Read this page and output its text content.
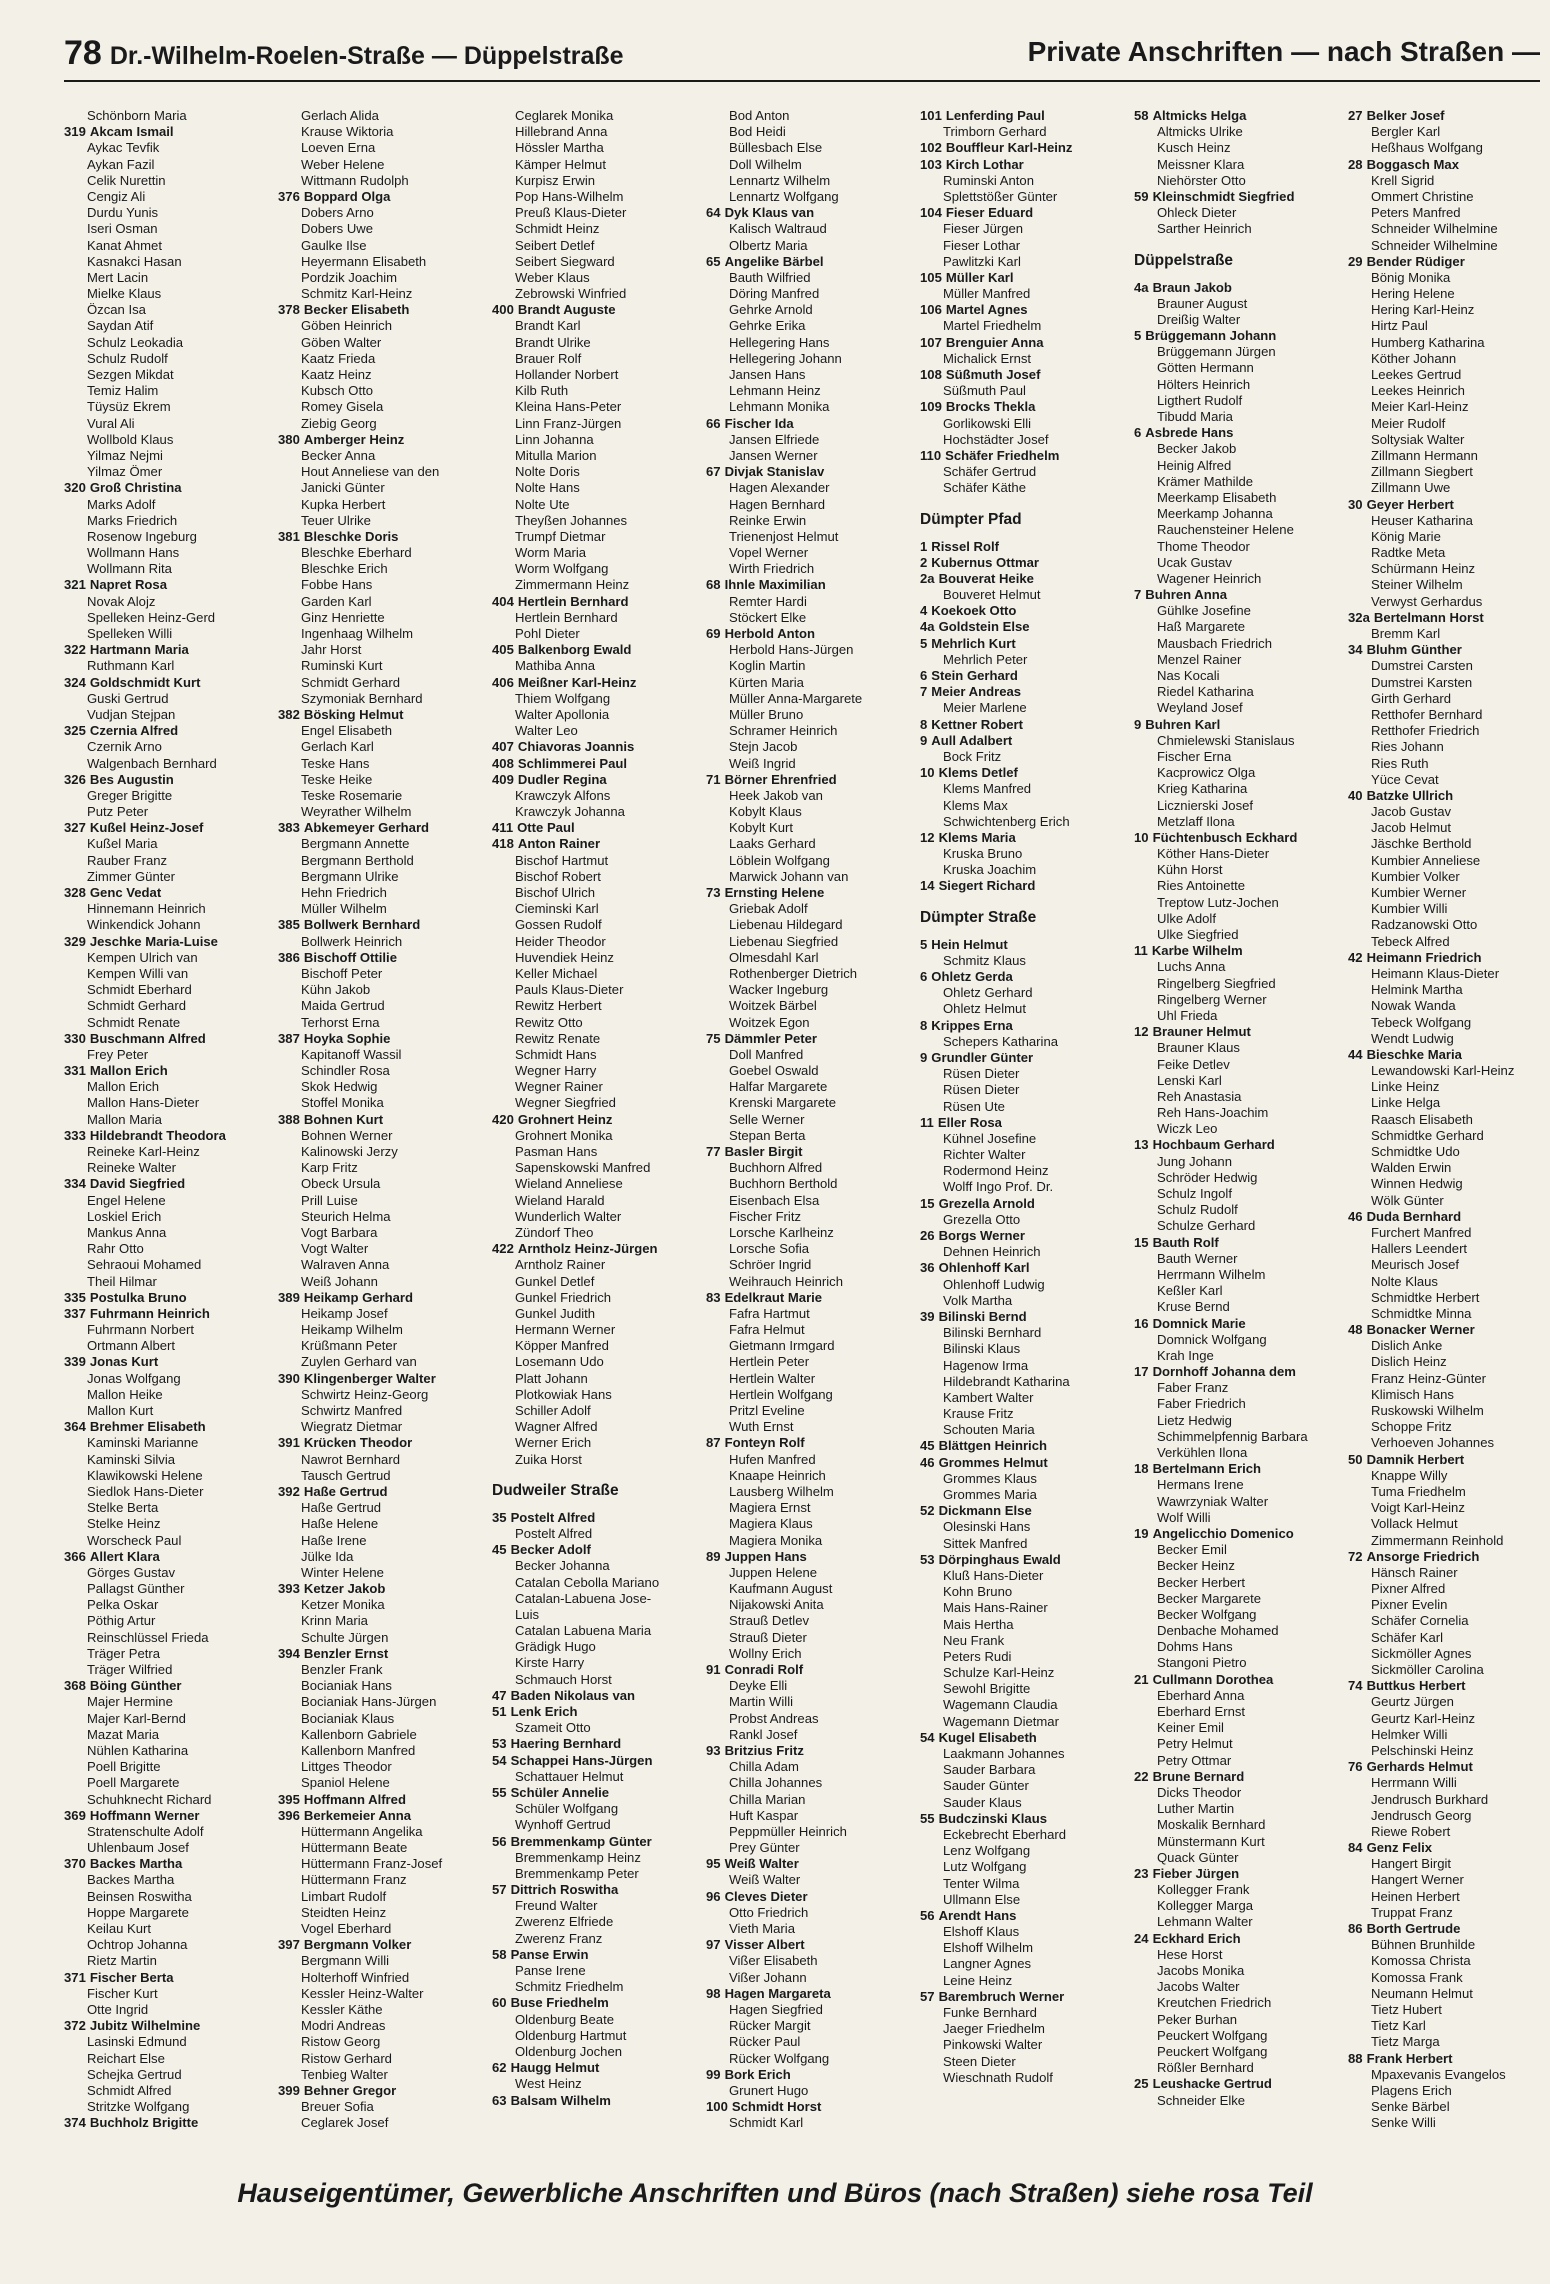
78 Dr.-Wilhelm-Roelen-Straße — Düppelstraße	Private Anschriften — nach Straßen —
Schönborn Maria
319 Akcam Ismail
Aykac Tevfik
Aykan Fazil
Celik Nurettin
Cengiz Ali
Durdu Yunis
Iseri Osman
Kanat Ahmet
Kasnakci Hasan
Mert Lacin
Mielke Klaus
Özcan Isa
Saydan Atif
Schulz Leokadia
Schulz Rudolf
Sezgen Mikdat
Temiz Halim
Tüysüz Ekrem
Vural Ali
Wollbold Klaus
Yilmaz Nejmi
Yilmaz Ömer
320 Groß Christina
Marks Adolf
Marks Friedrich
Rosenow Ingeburg
Wollmann Hans
Wollmann Rita
321 Napret Rosa
Novak Alojz
Spelleken Heinz-Gerd
Spelleken Willi
322 Hartmann Maria
Ruthmann Karl
324 Goldschmidt Kurt
Guski Gertrud
Vudjan Stejpan
325 Czernia Alfred
Czernik Arno
Walgenbach Bernhard
326 Bes Augustin
Greger Brigitte
Putz Peter
327 Kußel Heinz-Josef
Kußel Maria
Rauber Franz
Zimmer Günter
328 Genc Vedat
Hinnemann Heinrich
Winkendick Johann
329 Jeschke Maria-Luise
Kempen Ulrich van
Kempen Willi van
Schmidt Eberhard
Schmidt Gerhard
Schmidt Renate
330 Buschmann Alfred
Frey Peter
331 Mallon Erich
Mallon Erich
Mallon Hans-Dieter
Mallon Maria
333 Hildebrandt Theodora
Reineke Karl-Heinz
Reineke Walter
334 David Siegfried
Engel Helene
Loskiel Erich
Mankus Anna
Rahr Otto
Sehraoui Mohamed
Theil Hilmar
335 Postulka Bruno
337 Fuhrmann Heinrich
Fuhrmann Norbert
Ortmann Albert
339 Jonas Kurt
Jonas Wolfgang
Mallon Heike
Mallon Kurt
364 Brehmer Elisabeth
Kaminski Marianne
Kaminski Silvia
Klawikowski Helene
Siedlok Hans-Dieter
Stelke Berta
Stelke Heinz
Worscheck Paul
366 Allert Klara
Görges Gustav
Pallagst Günther
Pelka Oskar
Pöthig Artur
Reinschlüssel Frieda
Träger Petra
Träger Wilfried
368 Böing Günther
Majer Hermine
Majer Karl-Bernd
Mazat Maria
Nühlen Katharina
Poell Brigitte
Poell Margarete
Schuhknecht Richard
369 Hoffmann Werner
Stratenschulte Adolf
Uhlenbaum Josef
370 Backes Martha
Backes Martha
Beinsen Roswitha
Hoppe Margarete
Keilau Kurt
Ochtrop Johanna
Rietz Martin
371 Fischer Berta
Fischer Kurt
Otte Ingrid
372 Jubitz Wilhelmine
Lasinski Edmund
Reichart Else
Schejka Gertrud
Schmidt Alfred
Stritzke Wolfgang
374 Buchholz Brigitte
Gerlach Alida
Krause Wiktoria
Loeven Erna
Weber Helene
Wittmann Rudolph
376 Boppard Olga
Dobers Arno
Dobers Uwe
Gaulke Ilse
Heyermann Elisabeth
Pordzik Joachim
Schmitz Karl-Heinz
378 Becker Elisabeth
Göben Heinrich
Göben Walter
Kaatz Frieda
Kaatz Heinz
Kubsch Otto
Romey Gisela
Ziebig Georg
380 Amberger Heinz
Becker Anna
Hout Anneliese van den
Janicki Günter
Kupka Herbert
Teuer Ulrike
381 Bleschke Doris
Bleschke Eberhard
Bleschke Erich
Fobbe Hans
Garden Karl
Ginz Henriette
Ingenhaag Wilhelm
Jahr Horst
Ruminski Kurt
Schmidt Gerhard
Szymoniak Bernhard
382 Bösking Helmut
Engel Elisabeth
Gerlach Karl
Teske Hans
Teske Heike
Teske Rosemarie
Weyrather Wilhelm
383 Abkemeyer Gerhard
Bergmann Annette
Bergmann Berthold
Bergmann Ulrike
Hehn Friedrich
Müller Wilhelm
385 Bollwerk Bernhard
Bollwerk Heinrich
386 Bischoff Ottilie
Bischoff Peter
Kühn Jakob
Maida Gertrud
Terhorst Erna
387 Hoyka Sophie
Kapitanoff Wassil
Schindler Rosa
Skok Hedwig
Stoffel Monika
388 Bohnen Kurt
Bohnen Werner
Kalinowski Jerzy
Karp Fritz
Obeck Ursula
Prill Luise
Steurich Helma
Vogt Barbara
Vogt Walter
Walraven Anna
Weiß Johann
389 Heikamp Gerhard
Heikamp Josef
Heikamp Wilhelm
Krüßmann Peter
Zuylen Gerhard van
390 Klingenberger Walter
Schwirtz Heinz-Georg
Schwirtz Manfred
Wiegratz Dietmar
391 Krücken Theodor
Nawrot Bernhard
Tausch Gertrud
392 Haße Gertrud
Haße Gertrud
Haße Helene
Haße Irene
Jülke Ida
Winter Helene
393 Ketzer Jakob
Ketzer Monika
Krinn Maria
Schulte Jürgen
394 Benzler Ernst
Benzler Frank
Bocianiak Hans
Bocianiak Hans-Jürgen
Bocianiak Klaus
Kallenborn Gabriele
Kallenborn Manfred
Littges Theodor
Spaniol Helene
395 Hoffmann Alfred
396 Berkemeier Anna
Hüttermann Angelika
Hüttermann Beate
Hüttermann Franz-Josef
Hüttermann Franz
Limbart Rudolf
Steidten Heinz
Vogel Eberhard
397 Bergmann Volker
Bergmann Willi
Holterhoff Winfried
Kessler Heinz-Walter
Kessler Käthe
Modri Andreas
Ristow Georg
Ristow Gerhard
Tenbieg Walter
399 Behner Gregor
Breuer Sofia
Ceglarek Josef
Ceglarek Monika
Hillebrand Anna
Hössler Martha
Kämper Helmut
Kurpisz Erwin
Pop Hans-Wilhelm
Preuß Klaus-Dieter
Schmidt Heinz
Seibert Detlef
Seibert Siegward
Weber Klaus
Zebrowski Winfried
400 Brandt Auguste
Brandt Karl
Brandt Ulrike
Brauer Rolf
Hollander Norbert
Kilb Ruth
Kleina Hans-Peter
Linn Franz-Jürgen
Linn Johanna
Mitulla Marion
Nolte Doris
Nolte Hans
Nolte Ute
Theyßen Johannes
Trumpf Dietmar
Worm Maria
Worm Wolfgang
Zimmermann Heinz
404 Hertlein Bernhard
Hertlein Bernhard
Pohl Dieter
405 Balkenborg Ewald
Mathiba Anna
406 Meißner Karl-Heinz
Thiem Wolfgang
Walter Apollonia
Walter Leo
407 Chiavoras Joannis
408 Schlimmerei Paul
409 Dudler Regina
Krawczyk Alfons
Krawczyk Johanna
411 Otte Paul
418 Anton Rainer
Bischof Hartmut
Bischof Robert
Bischof Ulrich
Cieminski Karl
Gossen Rudolf
Heider Theodor
Huvendiek Heinz
Keller Michael
Pauls Klaus-Dieter
Rewitz Herbert
Rewitz Otto
Rewitz Renate
Schmidt Hans
Wegner Harry
Wegner Rainer
Wegner Siegfried
420 Grohnert Heinz
Grohnert Monika
Pasman Hans
Sapenskowski Manfred
Wieland Anneliese
Wieland Harald
Wunderlich Walter
Zündorf Theo
422 Arntholz Heinz-Jürgen
Arntholz Rainer
Gunkel Detlef
Gunkel Friedrich
Gunkel Judith
Hermann Werner
Köpper Manfred
Losemann Udo
Platt Johann
Plotkowiak Hans
Schiller Adolf
Wagner Alfred
Werner Erich
Zuika Horst
Dudweiler Straße
35 Postelt Alfred
Postelt Alfred
45 Becker Adolf
Becker Johanna
Catalan Cebolla Mariano
Catalan-Labuena Jose-
Luis
Catalan Labuena Maria
Grädigk Hugo
Kirste Harry
Schmauch Horst
47 Baden Nikolaus van
51 Lenk Erich
Szameit Otto
53 Haering Bernhard
54 Schappei Hans-Jürgen
Schattauer Helmut
55 Schüler Annelie
Schüler Wolfgang
Wynhoff Gertrud
56 Bremmenkamp Günter
Bremmenkamp Heinz
Bremmenkamp Peter
57 Dittrich Roswitha
Freund Walter
Zwerenz Elfriede
Zwerenz Franz
58 Panse Erwin
Panse Irene
Schmitz Friedhelm
60 Buse Friedhelm
Oldenburg Beate
Oldenburg Hartmut
Oldenburg Jochen
62 Haugg Helmut
West Heinz
63 Balsam Wilhelm
Bod Anton
Bod Heidi
Büllesbach Else
Doll Wilhelm
Lennartz Wilhelm
Lennartz Wolfgang
64 Dyk Klaus van
Kalisch Waltraud
Olbertz Maria
65 Angelike Bärbel
Bauth Wilfried
Döring Manfred
Gehrke Arnold
Gehrke Erika
Hellegering Hans
Hellegering Johann
Jansen Hans
Lehmann Heinz
Lehmann Monika
66 Fischer Ida
Jansen Elfriede
Jansen Werner
67 Divjak Stanislav
Hagen Alexander
Hagen Bernhard
Reinke Erwin
Trienenjost Helmut
Vopel Werner
Wirth Friedrich
68 Ihnle Maximilian
Remter Hardi
Stöckert Elke
69 Herbold Anton
Herbold Hans-Jürgen
Koglin Martin
Kürten Maria
Müller Anna-Margarete
Müller Bruno
Schramer Heinrich
Stejn Jacob
Weiß Ingrid
71 Börner Ehrenfried
Heek Jakob van
Kobylt Klaus
Kobylt Kurt
Laaks Gerhard
Löblein Wolfgang
Marwick Johann van
73 Ernsting Helene
Griebak Adolf
Liebenau Hildegard
Liebenau Siegfried
Olmesdahl Karl
Rothenberger Dietrich
Wacker Ingeburg
Woitzek Bärbel
Woitzek Egon
75 Dämmler Peter
Doll Manfred
Goebel Oswald
Halfar Margarete
Krenski Margarete
Selle Werner
Stepan Berta
77 Basler Birgit
Buchhorn Alfred
Buchhorn Berthold
Eisenbach Elsa
Fischer Fritz
Lorsche Karlheinz
Lorsche Sofia
Schröer Ingrid
Weihrauch Heinrich
83 Edelkraut Marie
Fafra Hartmut
Fafra Helmut
Gietmann Irmgard
Hertlein Peter
Hertlein Walter
Hertlein Wolfgang
Pritzl Eveline
Wuth Ernst
87 Fonteyn Rolf
Hufen Manfred
Knaape Heinrich
Lausberg Wilhelm
Magiera Ernst
Magiera Klaus
Magiera Monika
89 Juppen Hans
Juppen Helene
Kaufmann August
Nijakowski Anita
Strauß Detlev
Strauß Dieter
Wollny Erich
91 Conradi Rolf
Deyke Elli
Martin Willi
Probst Andreas
Rankl Josef
93 Britzius Fritz
Chilla Adam
Chilla Johannes
Chilla Marian
Huft Kaspar
Peppmüller Heinrich
Prey Günter
95 Weiß Walter
Weiß Walter
96 Cleves Dieter
Otto Friedrich
Vieth Maria
97 Visser Albert
Vißer Elisabeth
Vißer Johann
98 Hagen Margareta
Hagen Siegfried
Rücker Margit
Rücker Paul
Rücker Wolfgang
99 Bork Erich
Grunert Hugo
100 Schmidt Horst
Schmidt Karl
101 Lenferding Paul
Trimborn Gerhard
102 Bouffleur Karl-Heinz
103 Kirch Lothar
Ruminski Anton
Splettstößer Günter
104 Fieser Eduard
Fieser Jürgen
Fieser Lothar
Pawlitzki Karl
105 Müller Karl
Müller Manfred
106 Martel Agnes
Martel Friedhelm
107 Brenguier Anna
Michalick Ernst
108 Süßmuth Josef
Süßmuth Paul
109 Brocks Thekla
Gorlikowski Elli
Hochstädter Josef
110 Schäfer Friedhelm
Schäfer Gertrud
Schäfer Käthe
Dümpter Pfad
1 Rissel Rolf
2 Kubernus Ottmar
2a Bouverat Heike
Bouveret Helmut
4 Koekoek Otto
4a Goldstein Else
5 Mehrlich Kurt
Mehrlich Peter
6 Stein Gerhard
7 Meier Andreas
Meier Marlene
8 Kettner Robert
9 Aull Adalbert
Bock Fritz
10 Klems Detlef
Klems Manfred
Klems Max
Schwichtenberg Erich
12 Klems Maria
Kruska Bruno
Kruska Joachim
14 Siegert Richard
Dümpter Straße
5 Hein Helmut
Schmitz Klaus
6 Ohletz Gerda
Ohletz Gerhard
Ohletz Helmut
8 Krippes Erna
Schepers Katharina
9 Grundler Günter
Rüsen Dieter
Rüsen Dieter
Rüsen Ute
11 Eller Rosa
Kühnel Josefine
Richter Walter
Rodermond Heinz
Wolff Ingo Prof. Dr.
15 Grezella Arnold
Grezella Otto
26 Borgs Werner
Dehnen Heinrich
36 Ohlenhoff Karl
Ohlenhoff Ludwig
Volk Martha
39 Bilinski Bernd
Bilinski Bernhard
Bilinski Klaus
Hagenow Irma
Hildebrandt Katharina
Kambert Walter
Krause Fritz
Schouten Maria
45 Blättgen Heinrich
46 Grommes Helmut
Grommes Klaus
Grommes Maria
52 Dickmann Else
Olesinski Hans
Sittek Manfred
53 Dörpinghaus Ewald
Kluß Hans-Dieter
Kohn Bruno
Mais Hans-Rainer
Mais Hertha
Neu Frank
Peters Rudi
Schulze Karl-Heinz
Sewohl Brigitte
Wagemann Claudia
Wagemann Dietmar
54 Kugel Elisabeth
Laakmann Johannes
Sauder Barbara
Sauder Günter
Sauder Klaus
55 Budczinski Klaus
Eckebrecht Eberhard
Lenz Wolfgang
Lutz Wolfgang
Tenter Wilma
Ullmann Else
56 Arendt Hans
Elshoff Klaus
Elshoff Wilhelm
Langner Agnes
Leine Heinz
57 Barembruch Werner
Funke Bernhard
Jaeger Friedhelm
Pinkowski Walter
Steen Dieter
Wieschnath Rudolf
58 Altmicks Helga
Altmicks Ulrike
Kusch Heinz
Meissner Klara
Niehörster Otto
59 Kleinschmidt Siegfried
Ohleck Dieter
Sarther Heinrich
Düppelstraße
4a Braun Jakob
Brauner August
Dreißig Walter
5 Brüggemann Johann
Brüggemann Jürgen
Götten Hermann
Hölters Heinrich
Ligthert Rudolf
Tibudd Maria
6 Asbrede Hans
Becker Jakob
Heinig Alfred
Krämer Mathilde
Meerkamp Elisabeth
Meerkamp Johanna
Rauchensteiner Helene
Thome Theodor
Ucak Gustav
Wagener Heinrich
7 Buhren Anna
Gühlke Josefine
Haß Margarete
Mausbach Friedrich
Menzel Rainer
Nas Kocali
Riedel Katharina
Weyland Josef
9 Buhren Karl
Chmielewski Stanislaus
Fischer Erna
Kacprowicz Olga
Krieg Katharina
Licznierski Josef
Metzlaff Ilona
10 Füchtenbusch Eckhard
Köther Hans-Dieter
Kühn Horst
Ries Antoinette
Treptow Lutz-Jochen
Ulke Adolf
Ulke Siegfried
11 Karbe Wilhelm
Luchs Anna
Ringelberg Siegfried
Ringelberg Werner
Uhl Frieda
12 Brauner Helmut
Brauner Klaus
Feike Detlev
Lenski Karl
Reh Anastasia
Reh Hans-Joachim
Wiczk Leo
13 Hochbaum Gerhard
Jung Johann
Schröder Hedwig
Schulz Ingolf
Schulz Rudolf
Schulze Gerhard
15 Bauth Rolf
Bauth Werner
Herrmann Wilhelm
Keßler Karl
Kruse Bernd
16 Domnick Marie
Domnick Wolfgang
Krah Inge
17 Dornhoff Johanna dem
Faber Franz
Faber Friedrich
Lietz Hedwig
Schimmelpfennig Barbara
Verkühlen Ilona
18 Bertelmann Erich
Hermans Irene
Wawrzyniak Walter
Wolf Willi
19 Angelicchio Domenico
Becker Emil
Becker Heinz
Becker Herbert
Becker Margarete
Becker Wolfgang
Denbache Mohamed
Dohms Hans
Stangoni Pietro
21 Cullmann Dorothea
Eberhard Anna
Eberhard Ernst
Keiner Emil
Petry Helmut
Petry Ottmar
22 Brune Bernard
Dicks Theodor
Luther Martin
Moskalik Bernhard
Münstermann Kurt
Quack Günter
23 Fieber Jürgen
Kollegger Frank
Kollegger Marga
Lehmann Walter
24 Eckhard Erich
Hese Horst
Jacobs Monika
Jacobs Walter
Kreutchen Friedrich
Peker Burhan
Peuckert Wolfgang
Peuckert Wolfgang
Rößler Bernhard
25 Leushacke Gertrud
Schneider Elke
27 Belker Josef
Bergler Karl
Heßhaus Wolfgang
28 Boggasch Max
Krell Sigrid
Ommert Christine
Peters Manfred
Schneider Wilhelmine
Schneider Wilhelmine
29 Bender Rüdiger
Bönig Monika
Hering Helene
Hering Karl-Heinz
Hirtz Paul
Humberg Katharina
Köther Johann
Leekes Gertrud
Leekes Heinrich
Meier Karl-Heinz
Meier Rudolf
Soltysiak Walter
Zillmann Hermann
Zillmann Siegbert
Zillmann Uwe
30 Geyer Herbert
Heuser Katharina
König Marie
Radtke Meta
Schürmann Heinz
Steiner Wilhelm
Verwyst Gerhardus
32a Bertelmann Horst
Bremm Karl
34 Bluhm Günther
Dumstrei Carsten
Dumstrei Karsten
Girth Gerhard
Retthofer Bernhard
Retthofer Friedrich
Ries Johann
Ries Ruth
Yüce Cevat
40 Batzke Ullrich
Jacob Gustav
Jacob Helmut
Jäschke Berthold
Kumbier Anneliese
Kumbier Volker
Kumbier Werner
Kumbier Willi
Radzanowski Otto
Tebeck Alfred
42 Heimann Friedrich
Heimann Klaus-Dieter
Helmink Martha
Nowak Wanda
Tebeck Wolfgang
Wendt Ludwig
44 Bieschke Maria
Lewandowski Karl-Heinz
Linke Heinz
Linke Helga
Raasch Elisabeth
Schmidtke Gerhard
Schmidtke Udo
Walden Erwin
Winnen Hedwig
Wölk Günter
46 Duda Bernhard
Furchert Manfred
Hallers Leendert
Meurisch Josef
Nolte Klaus
Schmidtke Herbert
Schmidtke Minna
48 Bonacker Werner
Dislich Anke
Dislich Heinz
Franz Heinz-Günter
Klimisch Hans
Ruskowski Wilhelm
Schoppe Fritz
Verhoeven Johannes
50 Damnik Herbert
Knappe Willy
Tuma Friedhelm
Voigt Karl-Heinz
Vollack Helmut
Zimmermann Reinhold
72 Ansorge Friedrich
Hänsch Rainer
Pixner Alfred
Pixner Evelin
Schäfer Cornelia
Schäfer Karl
Sickmöller Agnes
Sickmöller Carolina
74 Buttkus Herbert
Geurtz Jürgen
Geurtz Karl-Heinz
Helmker Willi
Pelschinski Heinz
76 Gerhards Helmut
Herrmann Willi
Jendrusch Burkhard
Jendrusch Georg
Riewe Robert
84 Genz Felix
Hangert Birgit
Hangert Werner
Heinen Herbert
Truppat Franz
86 Borth Gertrude
Bühnen Brunhilde
Komossa Christa
Komossa Frank
Neumann Helmut
Tietz Hubert
Tietz Karl
Tietz Marga
88 Frank Herbert
Mpaxevanis Evangelos
Plagens Erich
Senke Bärbel
Senke Willi
Hauseigentümer, Gewerbliche Anschriften und Büros (nach Straßen) siehe rosa Teil
